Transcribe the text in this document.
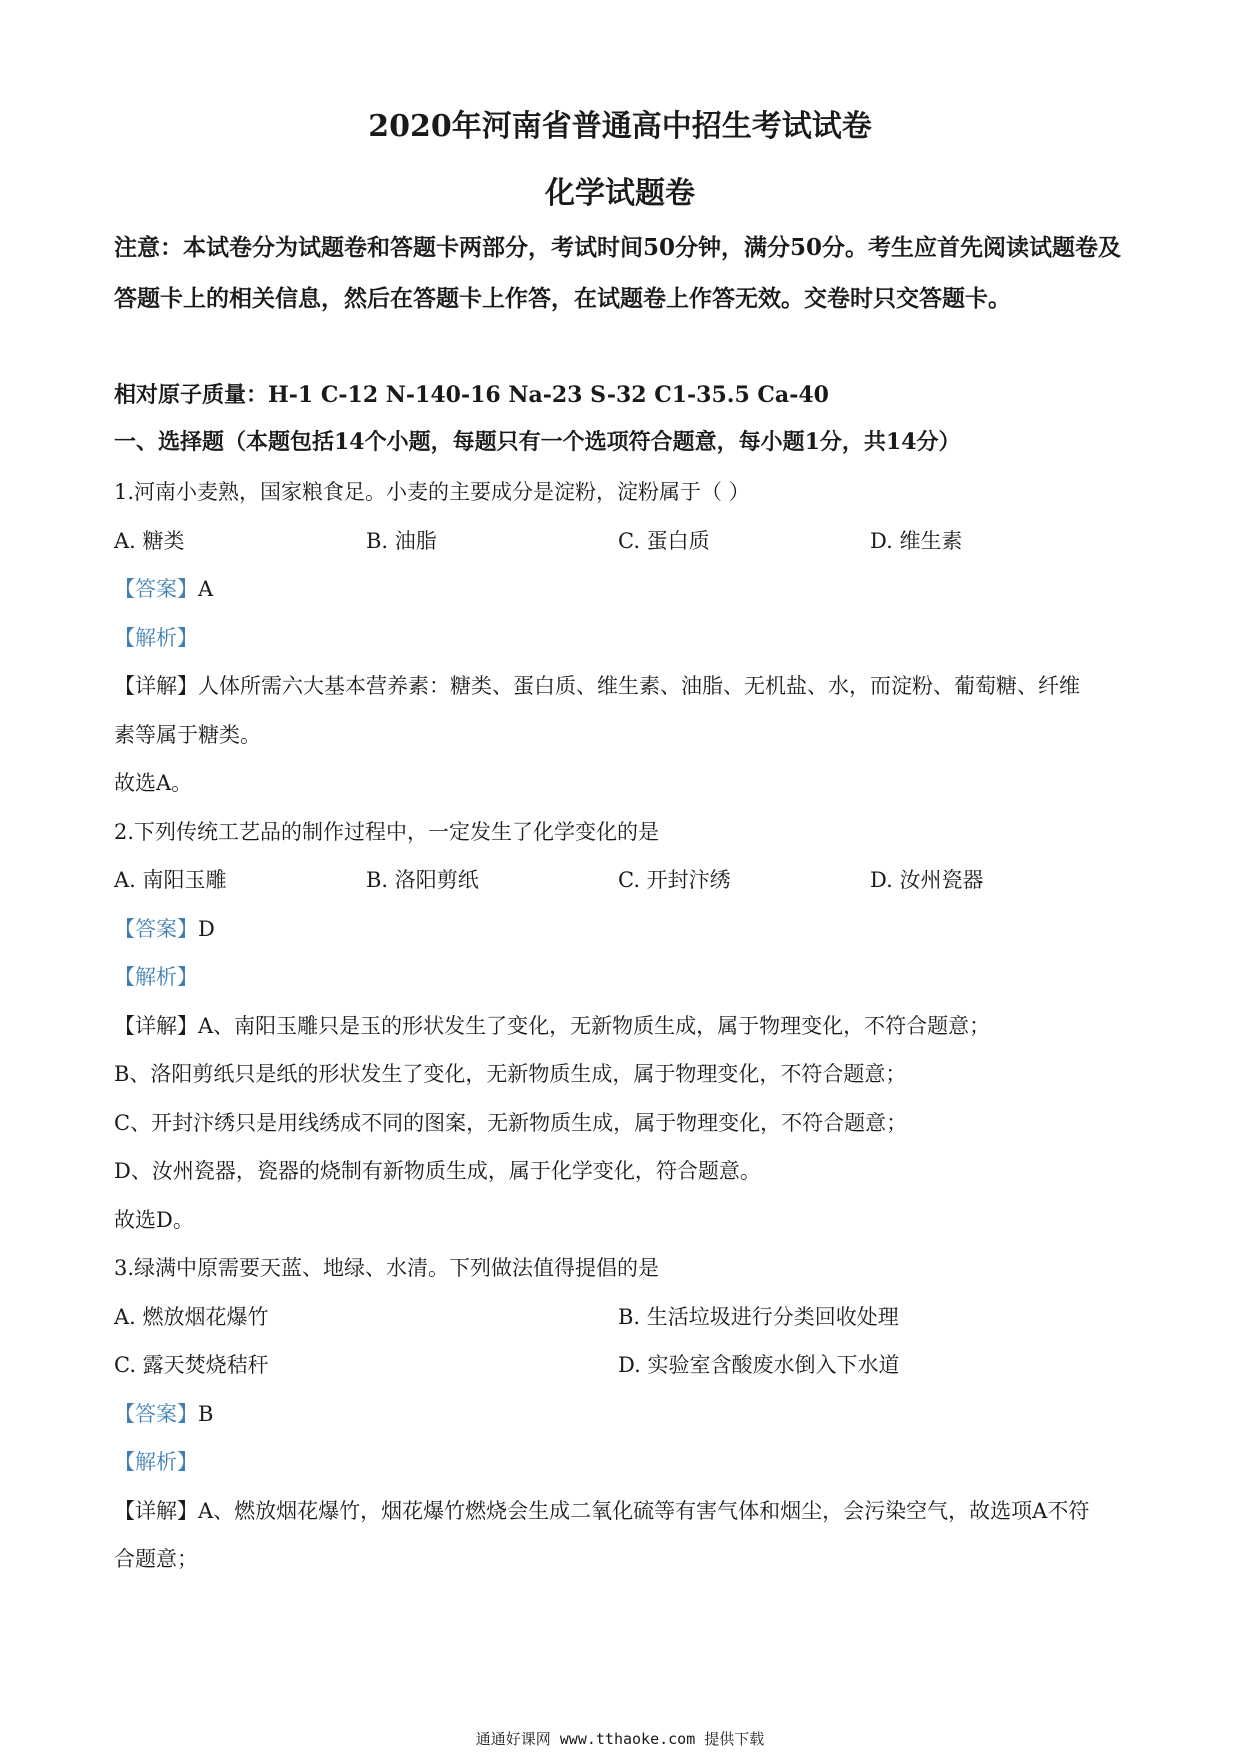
2020年河南省普通高中招生考试试卷
化学试题卷
注意：本试卷分为试题卷和答题卡两部分，考试时间50分钟，满分50分。考生应首先阅读试题卷及答题卡上的相关信息，然后在答题卡上作答，在试题卷上作答无效。交卷时只交答题卡。
相对原子质量：H-1 C-12 N-140-16 Na-23 S-32 C1-35.5 Ca-40
一、选择题（本题包括14个小题，每题只有一个选项符合题意，每小题1分，共14分）
1.河南小麦熟，国家粮食足。小麦的主要成分是淀粉，淀粉属于（ ）
A. 糖类	B. 油脂	C. 蛋白质	D. 维生素
【答案】A
【解析】
【详解】人体所需六大基本营养素：糖类、蛋白质、维生素、油脂、无机盐、水，而淀粉、葡萄糖、纤维
素等属于糖类。
故选A。
2.下列传统工艺品的制作过程中，一定发生了化学变化的是
A. 南阳玉雕	B. 洛阳剪纸	C. 开封汴绣	D. 汝州瓷器
【答案】D
【解析】
【详解】A、南阳玉雕只是玉的形状发生了变化，无新物质生成，属于物理变化，不符合题意；
B、洛阳剪纸只是纸的形状发生了变化，无新物质生成，属于物理变化，不符合题意；
C、开封汴绣只是用线绣成不同的图案，无新物质生成，属于物理变化，不符合题意；
D、汝州瓷器，瓷器的烧制有新物质生成，属于化学变化，符合题意。
故选D。
3.绿满中原需要天蓝、地绿、水清。下列做法值得提倡的是
A. 燃放烟花爆竹	B. 生活垃圾进行分类回收处理
C. 露天焚烧秸秆	D. 实验室含酸废水倒入下水道
【答案】B
【解析】
【详解】A、燃放烟花爆竹，烟花爆竹燃烧会生成二氧化硫等有害气体和烟尘，会污染空气，故选项A不符
合题意；
通通好课网 www.tthaoke.com 提供下载
